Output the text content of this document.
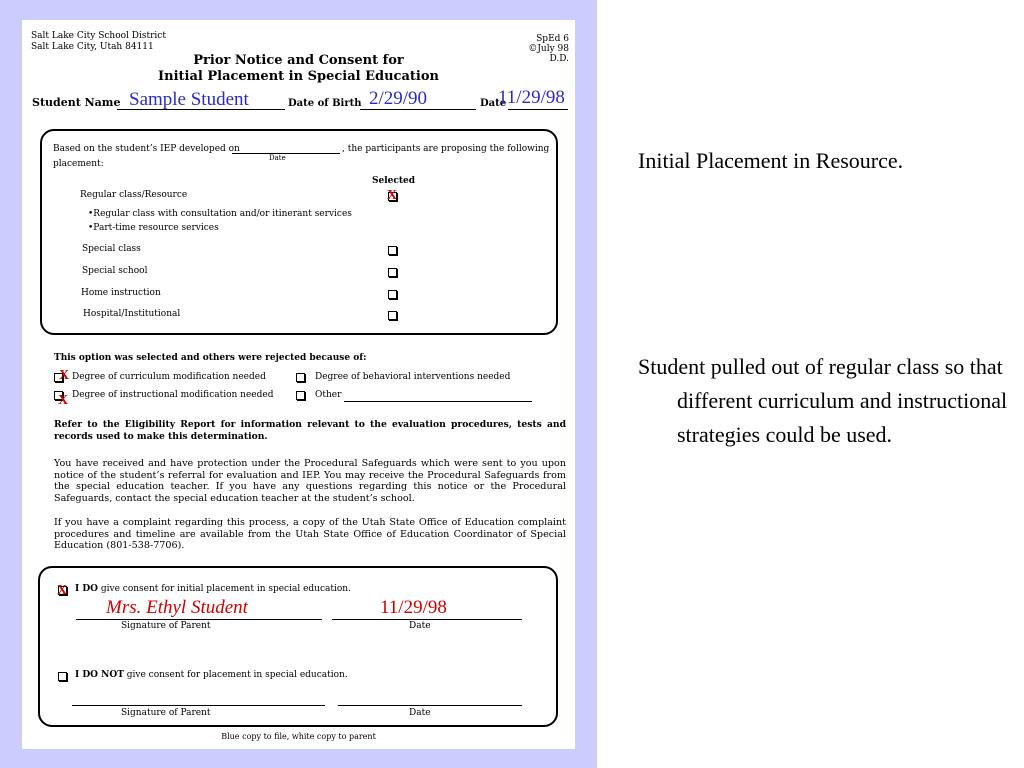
Salt Lake City School District
Salt Lake City, Utah 84111
SpEd 6
©July 98
D.D.
Prior Notice and Consent for
Initial Placement in Special Education
Student Name Sample Student	Date of Birth 2/29/90	Date
11/29/98
Based on the student’s IEP developed on
Date
, the participants are proposing the following
placement:
Selected
Regular class/Resource	X
•Regular class with consultation and/or itinerant services
•Part-time resource services
Special class
Special school
Home instruction
Hospital/Institutional
This option was selected and others were rejected because of:
X Degree of curriculum modification needed	Degree of behavioral interventions needed
X Degree of instructional modification needed	Other
Refer to the Eligibility Report for information relevant to the evaluation procedures, tests and records used to make this determination.
You have received and have protection under the Procedural Safeguards which were sent to you upon notice of the student’s referral for evaluation and IEP. You may receive the Procedural Safeguards from the special education teacher. If you have any questions regarding this notice or the Procedural Safeguards, contact the special education teacher at the student’s school.
If you have a complaint regarding this process, a copy of the Utah State Office of Education complaint procedures and timeline are available from the Utah State Office of Education Coordinator of Special Education (801-538-7706).
X I DO give consent for initial placement in special education.
Mrs. Ethyl Student	11/29/98
Signature of Parent	Date
I DO NOT give consent for placement in special education.
Signature of Parent	Date
Blue copy to file, white copy to parent
Initial Placement in Resource.
Student pulled out of regular class so that different curriculum and instructional strategies could be used.
